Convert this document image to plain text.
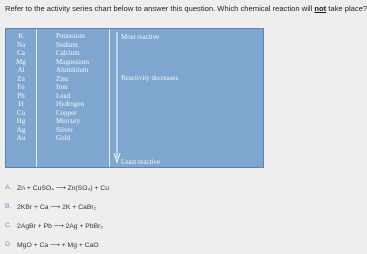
Refer to the activity series chart below to answer this question. Which chemical reaction will not take place?
K
Na
Ca
Mg
Al
Zn
Fe
Pb
H
Cu
Hg
Ag
Au
Potassium
Sodium
Calcium
Magnesium
Aluminium
Zinc
Iron
Lead
Hydrogen
Copper
Mercury
Silver
Gold
Most reactive
Reactivity decreases
Least reactive
A. Zn + CuSO₄ ⟶ Zn(SO₄) + Cu
B. 2KBr + Ca ⟶ 2K + CaBr₂
C. 2AgBr + Pb ⟶ 2Ag + PbBr₂
D. MgO + Ca ⟶ + Mg + CaO
